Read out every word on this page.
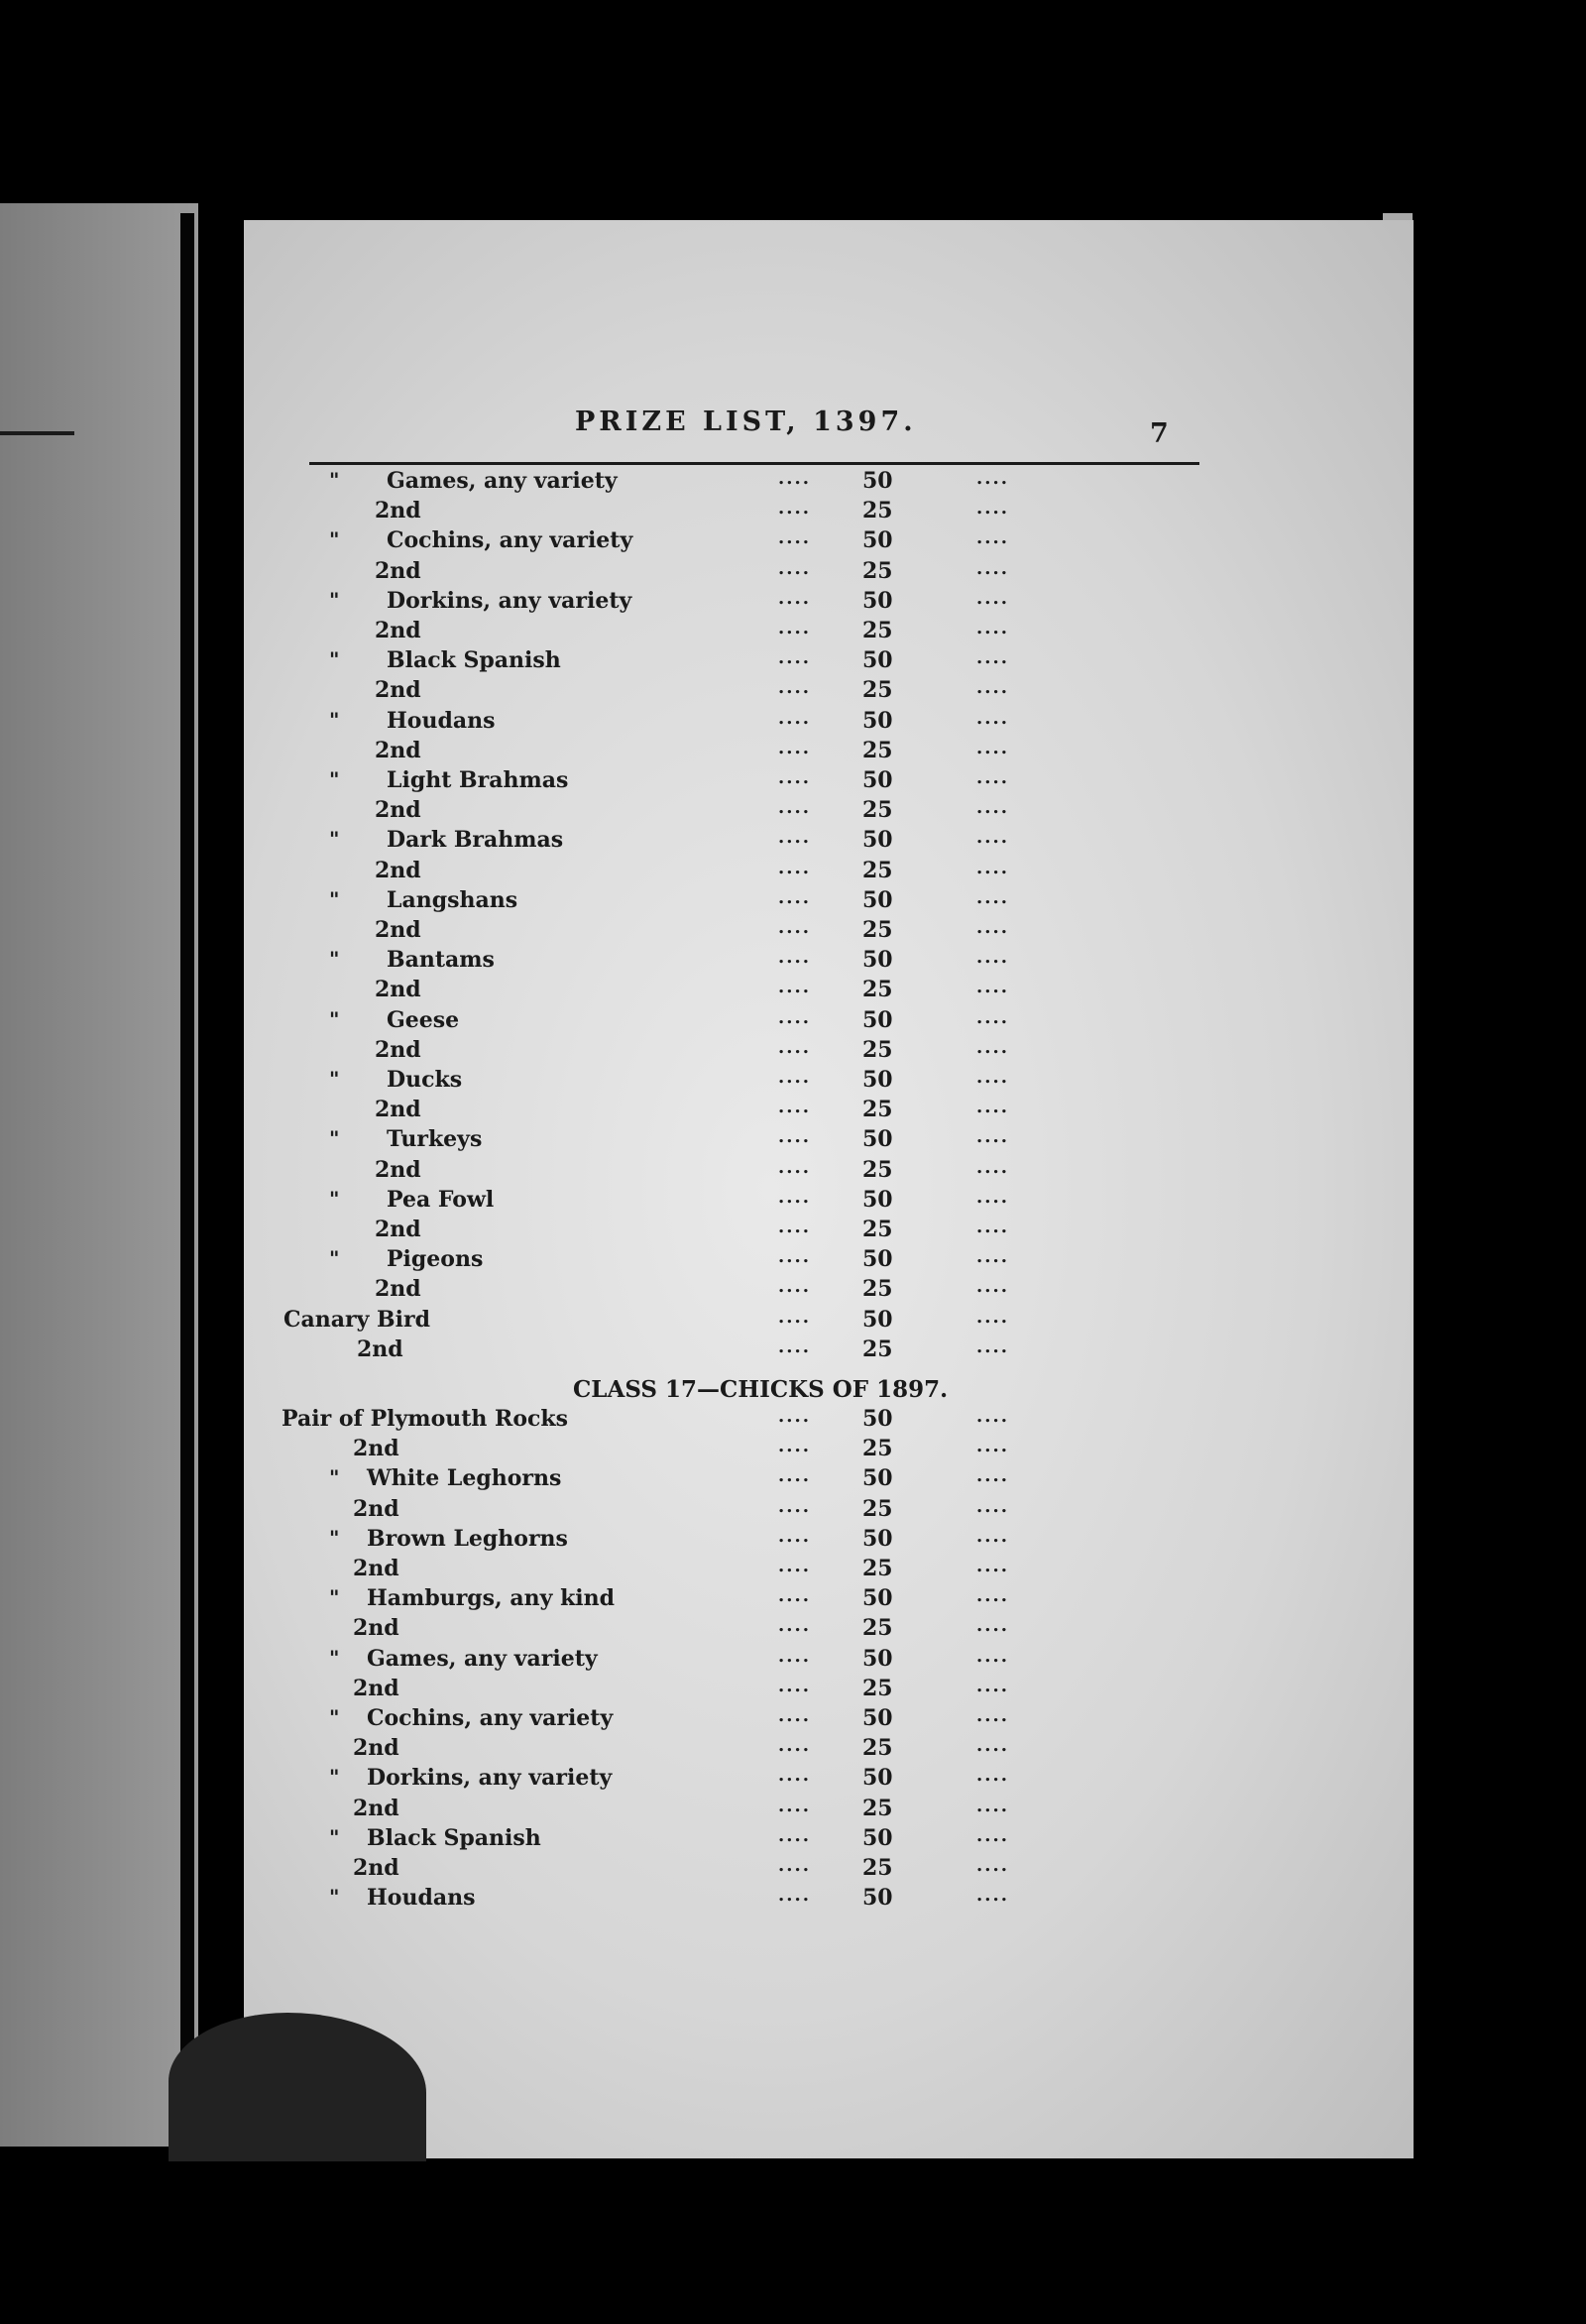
PRIZE LIST, 1397.	7
" Games, any variety	.... 50	....
2nd	.... 25	....
" Cochins, any variety	.... 50	....
2nd	.... 25	....
" Dorkins, any variety	.... 50	....
2nd	.... 25	....
" Black Spanish	.... 50	....
2nd	.... 25	....
" Houdans	.... 50	....
2nd	.... 25	....
" Light Brahmas	.... 50	....
2nd	.... 25	....
" Dark Brahmas	.... 50	....
2nd	.... 25	....
" Langshans	.... 50	....
2nd	.... 25	....
" Bantams	.... 50	....
2nd	.... 25	....
" Geese	.... 50	....
2nd	.... 25	....
" Ducks	.... 50	....
2nd	.... 25	....
" Turkeys	.... 50	....
2nd	.... 25	....
" Pea Fowl	.... 50	....
2nd	.... 25	....
" Pigeons	.... 50	....
2nd	.... 25	....
Canary Bird	.... 50	....
2nd	.... 25	....
CLASS 17—CHICKS OF 1897.
Pair of Plymouth Rocks	.... 50	....
2nd	.... 25	....
" White Leghorns	.... 50	....
2nd	.... 25	....
" Brown Leghorns	.... 50	....
2nd	.... 25	....
" Hamburgs, any kind	.... 50	....
2nd	.... 25	....
" Games, any variety	.... 50	....
2nd	.... 25	....
" Cochins, any variety	.... 50	....
2nd	.... 25	....
" Dorkins, any variety	.... 50	....
2nd	.... 25	....
" Black Spanish	.... 50	....
2nd	.... 25	....
" Houdans	.... 50	....
